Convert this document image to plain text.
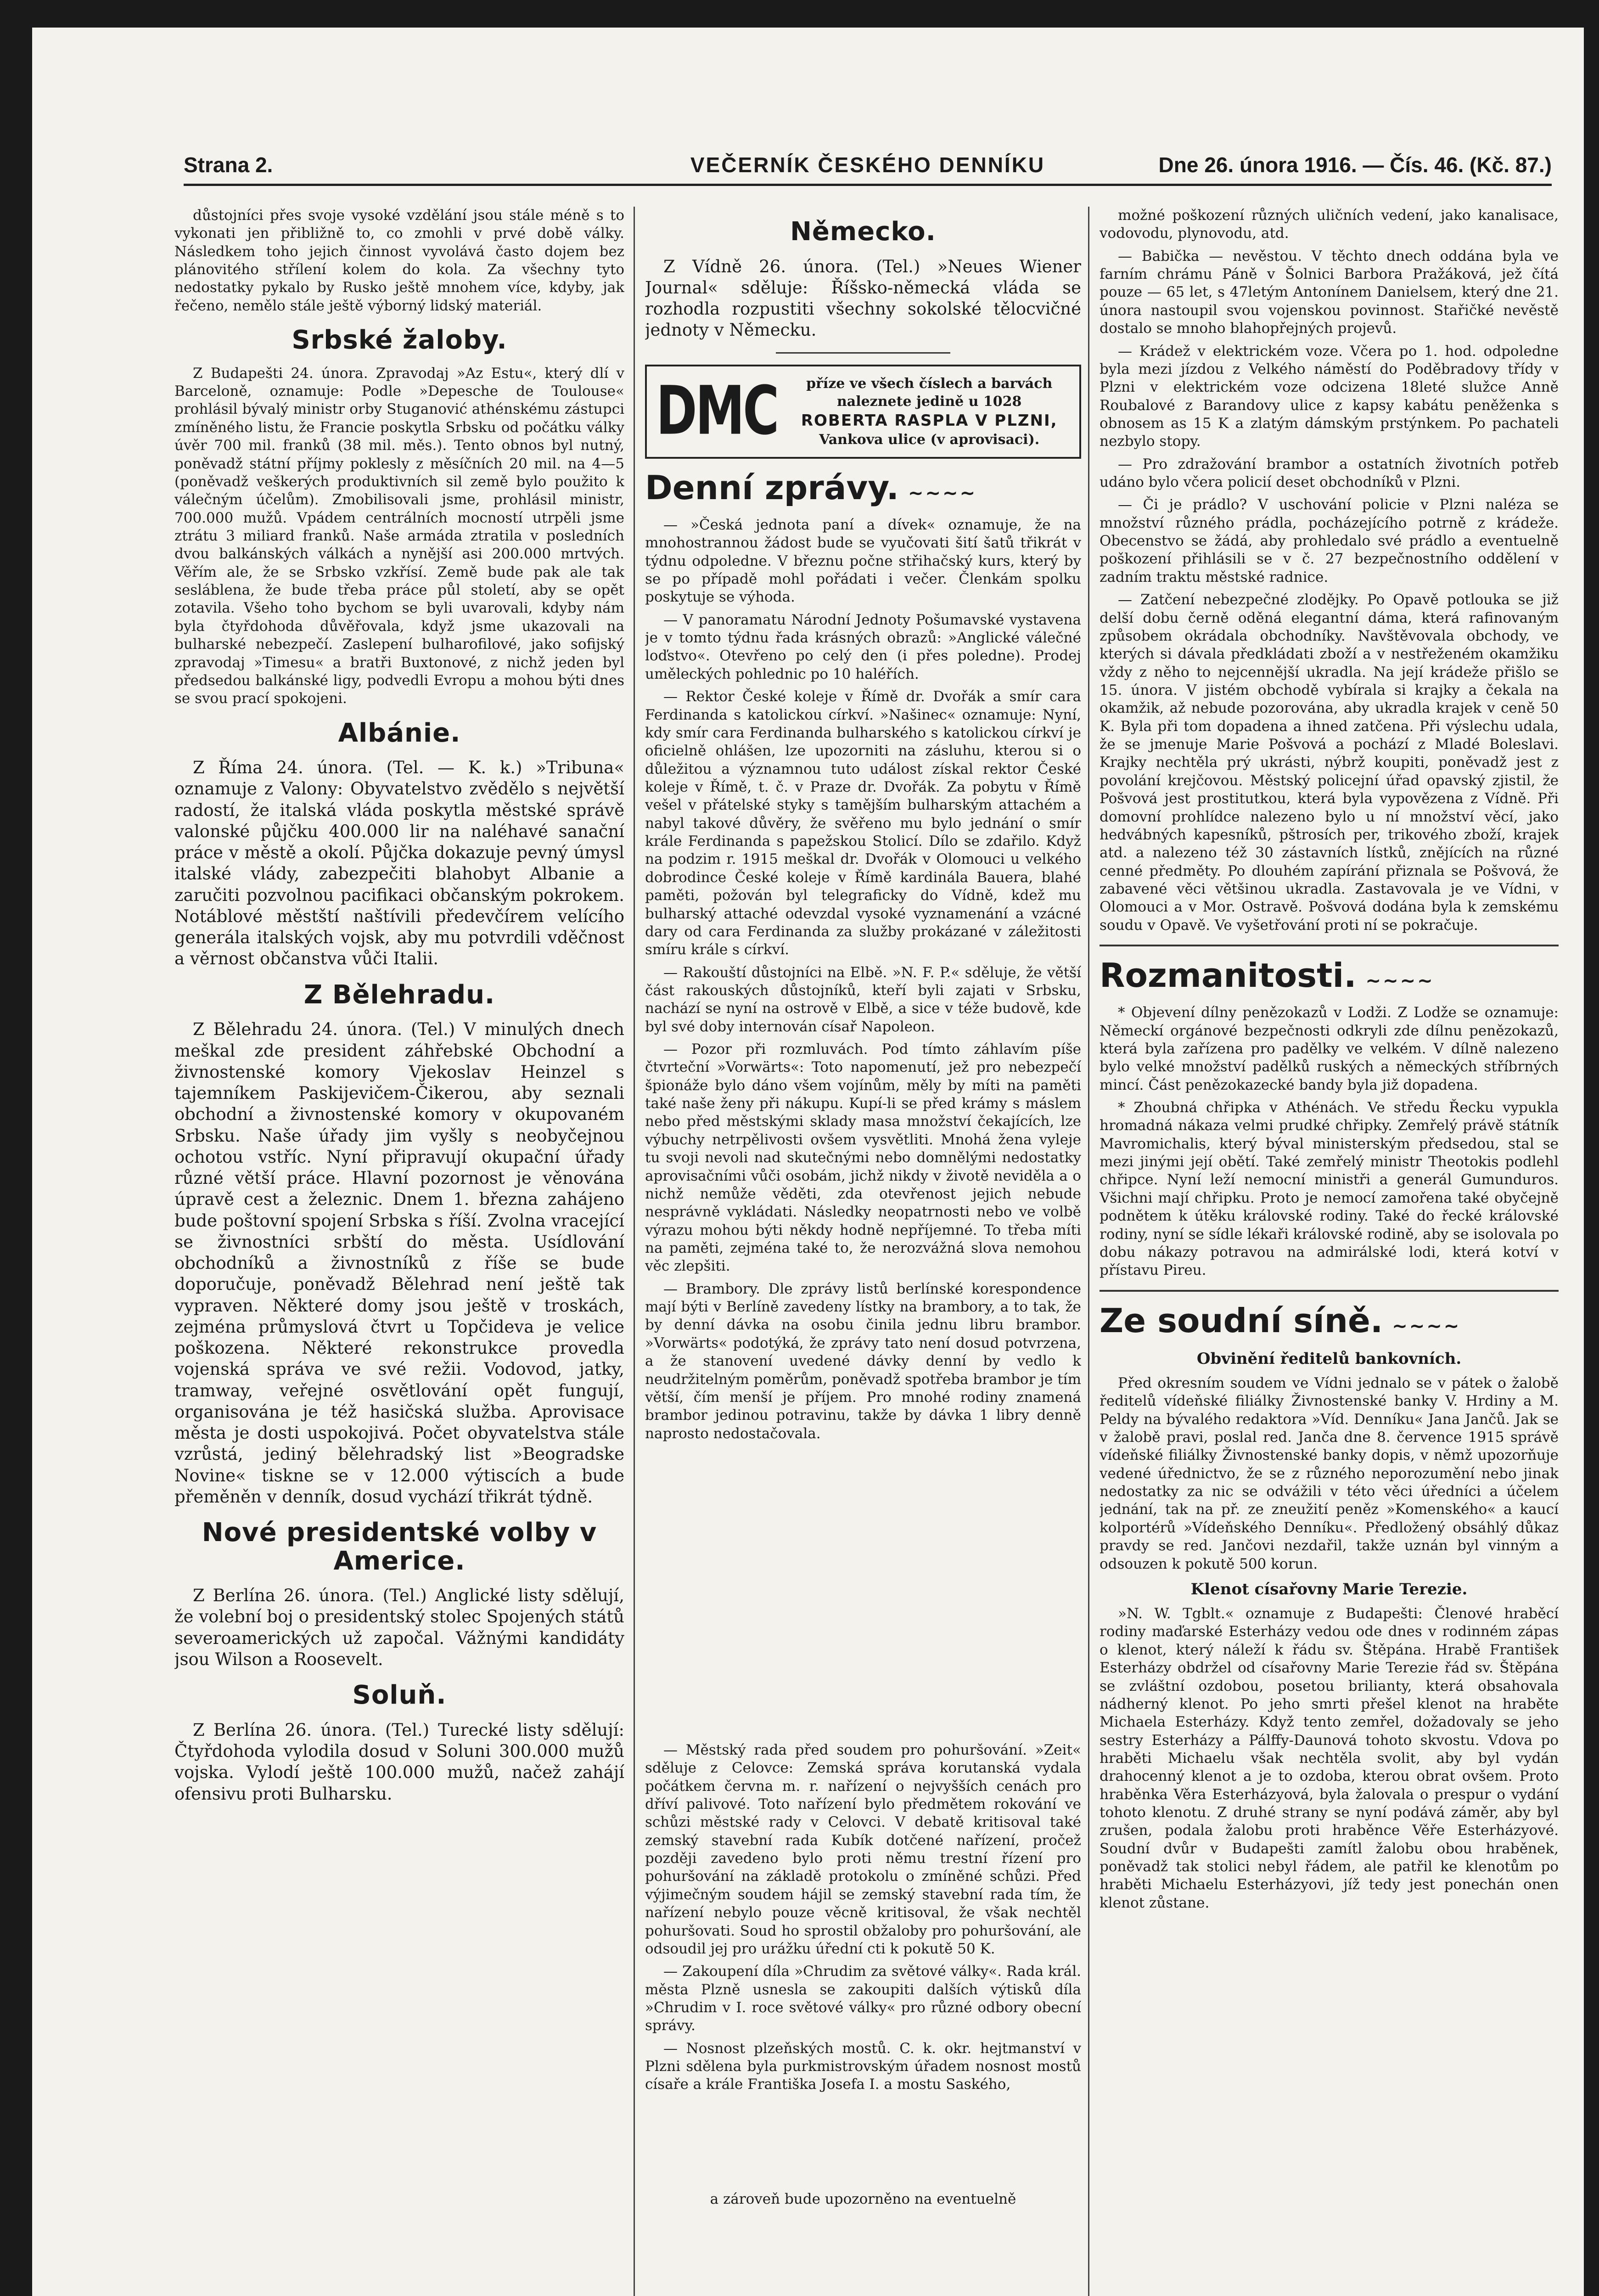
Strana 2.	VEČERNÍK ČESKÉHO DENNÍKU	Dne 26. února 1916. — Čís. 46. (Kč. 87.)

důstojníci přes svoje vysoké vzdělání jsou stále méně s to vykonati jen přibližně to, co zmohli v prvé době války. Následkem toho jejich činnost vyvolává často dojem bez plánovitého střílení kolem do kola. Za všechny tyto nedostatky pykalo by Rusko ještě mnohem více, kdyby, jak řečeno, nemělo stále ještě výborný lidský materiál.

Srbské žaloby.

Z Budapešti 24. února. Zpravodaj »Az Estu«, který dlí v Barceloně, oznamuje: Podle »Depesche de Toulouse« prohlásil bývalý ministr orby Stuganović athénskému zástupci zmíněného listu, že Francie poskytla Srbsku od počátku války úvěr 700 mil. franků (38 mil. měs.). Tento obnos byl nutný, poněvadž státní příjmy poklesly z měsíčních 20 mil. na 4—5 (poněvadž veškerých produktivních sil země bylo použito k válečným účelům). Zmobilisovali jsme, prohlásil ministr, 700.000 mužů. Vpádem centrálních mocností utrpěli jsme ztrátu 3 miliard franků. Naše armáda ztratila v posledních dvou balkánských válkách a nynější asi 200.000 mrtvých. Věřím ale, že se Srbsko vzkřísí. Země bude pak ale tak sesláblena, že bude třeba práce půl století, aby se opět zotavila. Všeho toho bychom se byli uvarovali, kdyby nám byla čtyřdohoda důvěřovala, když jsme ukazovali na bulharské nebezpečí. Zaslepení bulharofilové, jako sofijský zpravodaj »Timesu« a bratři Buxtonové, z nichž jeden byl předsedou balkánské ligy, podvedli Evropu a mohou býti dnes se svou prací spokojeni.

Albánie.

Z Říma 24. února. (Tel. — K. k.) »Tribuna« oznamuje z Valony: Obyvatelstvo zvědělo s největší radostí, že italská vláda poskytla městské správě valonské půjčku 400.000 lir na naléhavé sanační práce v městě a okolí. Půjčka dokazuje pevný úmysl italské vlády, zabezpečiti blahobyt Albanie a zaručiti pozvolnou pacifikaci občanským pokrokem. Notáblové městští naštívili předevčírem velícího generála italských vojsk, aby mu potvrdili vděčnost a věrnost občanstva vůči Italii.

Z Bělehradu.

Z Bělehradu 24. února. (Tel.) V minulých dnech meškal zde president záhřebské Obchodní a živnostenské komory Vjekoslav Heinzel s tajemníkem Paskijevičem-Čikerou, aby seznali obchodní a živnostenské komory v okupovaném Srbsku. Naše úřady jim vyšly s neobyčejnou ochotou vstříc. Nyní připravují okupační úřady různé větší práce. Hlavní pozornost je věnována úpravě cest a železnic. Dnem 1. března zahájeno bude poštovní spojení Srbska s říší. Zvolna vracející se živnostníci srbští do města. Usídlování obchodníků a živnostníků z říše se bude doporučuje, poněvadž Bělehrad není ještě tak vypraven. Některé domy jsou ještě v troskách, zejména průmyslová čtvrt u Topčideva je velice poškozena. Některé rekonstrukce provedla vojenská správa ve své režii. Vodovod, jatky, tramway, veřejné osvětlování opět fungují, organisována je též hasičská služba. Aprovisace města je dosti uspokojivá. Počet obyvatelstva stále vzrůstá, jediný bělehradský list »Beogradske Novine« tiskne se v 12.000 výtiscích a bude přeměněn v denník, dosud vychází třikrát týdně.

Nové presidentské volby v Americe.

Z Berlína 26. února. (Tel.) Anglické listy sdělují, že volební boj o presidentský stolec Spojených států severoamerických už započal. Vážnými kandidáty jsou Wilson a Roosevelt.

Soluň.

Z Berlína 26. února. (Tel.) Turecké listy sdělují: Čtyřdohoda vylodila dosud v Soluni 300.000 mužů vojska. Vylodí ještě 100.000 mužů, načež zahájí ofensivu proti Bulharsku.

Německo.

Z Vídně 26. února. (Tel.) »Neues Wiener Journal« sděluje: Říšsko-německá vláda se rozhodla rozpustiti všechny sokolské tělocvičné jednoty v Německu.

DMC	příze ve všech číslech a barvách
naleznete jedině u 1028
ROBERTA RASPLA V PLZNI,
Vankova ulice (v aprovisaci).
Denní zprávy. ~~~~

— »Česká jednota paní a dívek« oznamuje, že na mnohostrannou žádost bude se vyučovati šití šatů třikrát v týdnu odpoledne. V březnu počne střihačský kurs, který by se po případě mohl pořádati i večer. Členkám spolku poskytuje se výhoda.

— V panoramatu Národní Jednoty Pošumavské vystavena je v tomto týdnu řada krásných obrazů: »Anglické válečné loďstvo«. Otevřeno po celý den (i přes poledne). Prodej uměleckých pohlednic po 10 haléřích.

— Rektor České koleje v Římě dr. Dvořák a smír cara Ferdinanda s katolickou církví. »Našinec« oznamuje: Nyní, kdy smír cara Ferdinanda bulharského s katolickou církví je oficielně ohlášen, lze upozorniti na zásluhu, kterou si o důležitou a významnou tuto událost získal rektor České koleje v Římě, t. č. v Praze dr. Dvořák. Za pobytu v Římě vešel v přátelské styky s tamějším bulharským attachém a nabyl takové důvěry, že svěřeno mu bylo jednání o smír krále Ferdinanda s papežskou Stolicí. Dílo se zdařilo. Když na podzim r. 1915 meškal dr. Dvořák v Olomouci u velkého dobrodince České koleje v Římě kardinála Bauera, blahé paměti, požován byl telegraficky do Vídně, kdež mu bulharský attaché odevzdal vysoké vyznamenání a vzácné dary od cara Ferdinanda za služby prokázané v záležitosti smíru krále s církví.

— Rakouští důstojníci na Elbě. »N. F. P.« sděluje, že větší část rakouských důstojníků, kteří byli zajati v Srbsku, nachází se nyní na ostrově v Elbě, a sice v téže budově, kde byl své doby internován císař Napoleon.

— Pozor při rozmluvách. Pod tímto záhlavím píše čtvrteční »Vorwärts«: Toto napomenutí, jež pro nebezpečí špionáže bylo dáno všem vojínům, měly by míti na paměti také naše ženy při nákupu. Kupí-li se před krámy s máslem nebo před městskými sklady masa množství čekajících, lze výbuchy netrpělivosti ovšem vysvětliti. Mnohá žena vyleje tu svoji nevoli nad skutečnými nebo domnělými nedostatky aprovisačními vůči osobám, jichž nikdy v životě neviděla a o nichž nemůže věděti, zda otevřenost jejich nebude nesprávně vykládati. Následky neopatrnosti nebo ve volbě výrazu mohou býti někdy hodně nepříjemné. To třeba míti na paměti, zejména také to, že nerozvážná slova nemohou věc zlepšiti.

— Brambory. Dle zprávy listů berlínské korespondence mají býti v Berlíně zavedeny lístky na brambory, a to tak, že by denní dávka na osobu činila jednu libru brambor. »Vorwärts« podotýká, že zprávy tato není dosud potvrzena, a že stanovení uvedené dávky denní by vedlo k neudržitelným poměrům, poněvadž spotřeba brambor je tím větší, čím menší je příjem. Pro mnohé rodiny znamená brambor jedinou potravinu, takže by dávka 1 libry denně naprosto nedostačovala.

— Městský rada před soudem pro pohuršování. »Zeit« sděluje z Celovce: Zemská správa korutanská vydala počátkem června m. r. nařízení o nejvyšších cenách pro dříví palivové. Toto nařízení bylo předmětem rokování ve schůzi městské rady v Celovci. V debatě kritisoval také zemský stavební rada Kubík dotčené nařízení, pročež později zavedeno bylo proti němu trestní řízení pro pohuršování na základě protokolu o zmíněné schůzi. Před výjimečným soudem hájil se zemský stavební rada tím, že nařízení nebylo pouze věcně kritisoval, že však nechtěl pohuršovati. Soud ho sprostil obžaloby pro pohuršování, ale odsoudil jej pro urážku úřední cti k pokutě 50 K.

— Zakoupení díla »Chrudim za světové války«. Rada král. města Plzně usnesla se zakoupiti dalších výtisků díla »Chrudim v I. roce světové války« pro různé odbory obecní správy.

— Nosnost plzeňských mostů. C. k. okr. hejtmanství v Plzni sdělena byla purkmistrovským úřadem nosnost mostů císaře a krále Františka Josefa I. a mostu Saského,

a zároveň bude upozorněno na eventuelně

možné poškození různých uličních vedení, jako kanalisace, vodovodu, plynovodu, atd.

— Babička — nevěstou. V těchto dnech oddána byla ve farním chrámu Páně v Šolnici Barbora Pražáková, jež čítá pouze — 65 let, s 47letým Antonínem Danielsem, který dne 21. února nastoupil svou vojenskou povinnost. Stařičké nevěstě dostalo se mnoho blahopřejných projevů.

— Krádež v elektrickém voze. Včera po 1. hod. odpoledne byla mezi jízdou z Velkého náměstí do Poděbradovy třídy v Plzni v elektrickém voze odcizena 18leté služce Anně Roubalové z Barandovy ulice z kapsy kabátu peněženka s obnosem as 15 K a zlatým dámským prstýnkem. Po pachateli nezbylo stopy.

— Pro zdražování brambor a ostatních životních potřeb udáno bylo včera policií deset obchodníků v Plzni.

— Či je prádlo? V uschování policie v Plzni naléza se množství různého prádla, pocházejícího potrně z krádeže. Obecenstvo se žádá, aby prohledalo své prádlo a eventuelně poškození přihlásili se v č. 27 bezpečnostního oddělení v zadním traktu městské radnice.

— Zatčení nebezpečné zlodějky. Po Opavě potlouka se již delší dobu černě oděná elegantní dáma, která rafinovaným způsobem okrádala obchodníky. Navštěvovala obchody, ve kterých si dávala předkládati zboží a v nestřeženém okamžiku vždy z něho to nejcennější ukradla. Na její krádeže přišlo se 15. února. V jistém obchodě vybírala si krajky a čekala na okamžik, až nebude pozorována, aby ukradla krajek v ceně 50 K. Byla při tom dopadena a ihned zatčena. Při výslechu udala, že se jmenuje Marie Pošvová a pochází z Mladé Boleslavi. Krajky nechtěla prý ukrásti, nýbrž koupiti, poněvadž jest z povolání krejčovou. Městský policejní úřad opavský zjistil, že Pošvová jest prostitutkou, která byla vypovězena z Vídně. Při domovní prohlídce nalezeno bylo u ní množství věcí, jako hedvábných kapesníků, pštrosích per, trikového zboží, krajek atd. a nalezeno též 30 zástavních lístků, znějících na různé cenné předměty. Po dlouhém zapírání přiznala se Pošvová, že zabavené věci většinou ukradla. Zastavovala je ve Vídni, v Olomouci a v Mor. Ostravě. Pošvová dodána byla k zemskému soudu v Opavě. Ve vyšetřování proti ní se pokračuje.

Rozmanitosti. ~~~~

* Objevení dílny penězokazů v Lodži. Z Lodže se oznamuje: Německí orgánové bezpečnosti odkryli zde dílnu penězokazů, která byla zařízena pro padělky ve velkém. V dílně nalezeno bylo velké množství padělků ruských a německých stříbrných mincí. Část penězokazecké bandy byla již dopadena.

* Zhoubná chřipka v Athénách. Ve středu Řecku vypukla hromadná nákaza velmi prudké chřipky. Zemřelý právě státník Mavromichalis, který býval ministerským předsedou, stal se mezi jinými její obětí. Také zemřelý ministr Theotokis podlehl chřipce. Nyní leží nemocní ministři a generál Gumunduros. Všichni mají chřipku. Proto je nemocí zamořena také obyčejně podnětem k útěku královské rodiny. Také do řecké královské rodiny, nyní se sídle lékaři královské rodině, aby se isolovala po dobu nákazy potravou na admirálské lodi, která kotví v přístavu Pireu.

Ze soudní síně. ~~~~
Obvinění ředitelů bankovních.

Před okresním soudem ve Vídni jednalo se v pátek o žalobě ředitelů vídeňské filiálky Živnostenské banky V. Hrdiny a M. Peldy na bývalého redaktora »Víd. Denníku« Jana Jančů. Jak se v žalobě pravi, poslal red. Janča dne 8. července 1915 správě vídeňské filiálky Živnostenské banky dopis, v němž upozorňuje vedené úřednictvo, že se z různého neporozumění nebo jinak nedostatky za nic se odvážili v této věci úředníci a účelem jednání, tak na př. ze zneužití peněz »Komenského« a kaucí kolportérů »Vídeňského Denníku«. Předložený obsáhlý důkaz pravdy se red. Jančovi nezdařil, takže uznán byl vinným a odsouzen k pokutě 500 korun.

Klenot císařovny Marie Terezie.

»N. W. Tgblt.« oznamuje z Budapešti: Členové hraběcí rodiny maďarské Esterházy vedou ode dnes v rodinném zápas o klenot, který náleží k řádu sv. Štěpána. Hrabě František Esterházy obdržel od císařovny Marie Terezie řád sv. Štěpána se zvláštní ozdobou, posetou brilianty, která obsahovala nádherný klenot. Po jeho smrti přešel klenot na hraběte Michaela Esterházy. Když tento zemřel, dožadovaly se jeho sestry Esterházy a Pálffy-Daunová tohoto skvostu. Vdova po hraběti Michaelu však nechtěla svolit, aby byl vydán drahocenný klenot a je to ozdoba, kterou obrat ovšem. Proto hraběnka Věra Esterházyová, byla žalovala o prespur o vydání tohoto klenotu. Z druhé strany se nyní podává záměr, aby byl zrušen, podala žalobu proti hraběnce Věře Esterházyové. Soudní dvůr v Budapešti zamítl žalobu obou hraběnek, poněvadž tak stolici nebyl řádem, ale patřil ke klenotům po hraběti Michaelu Esterházyovi, jíž tedy jest ponechán onen klenot zůstane.
